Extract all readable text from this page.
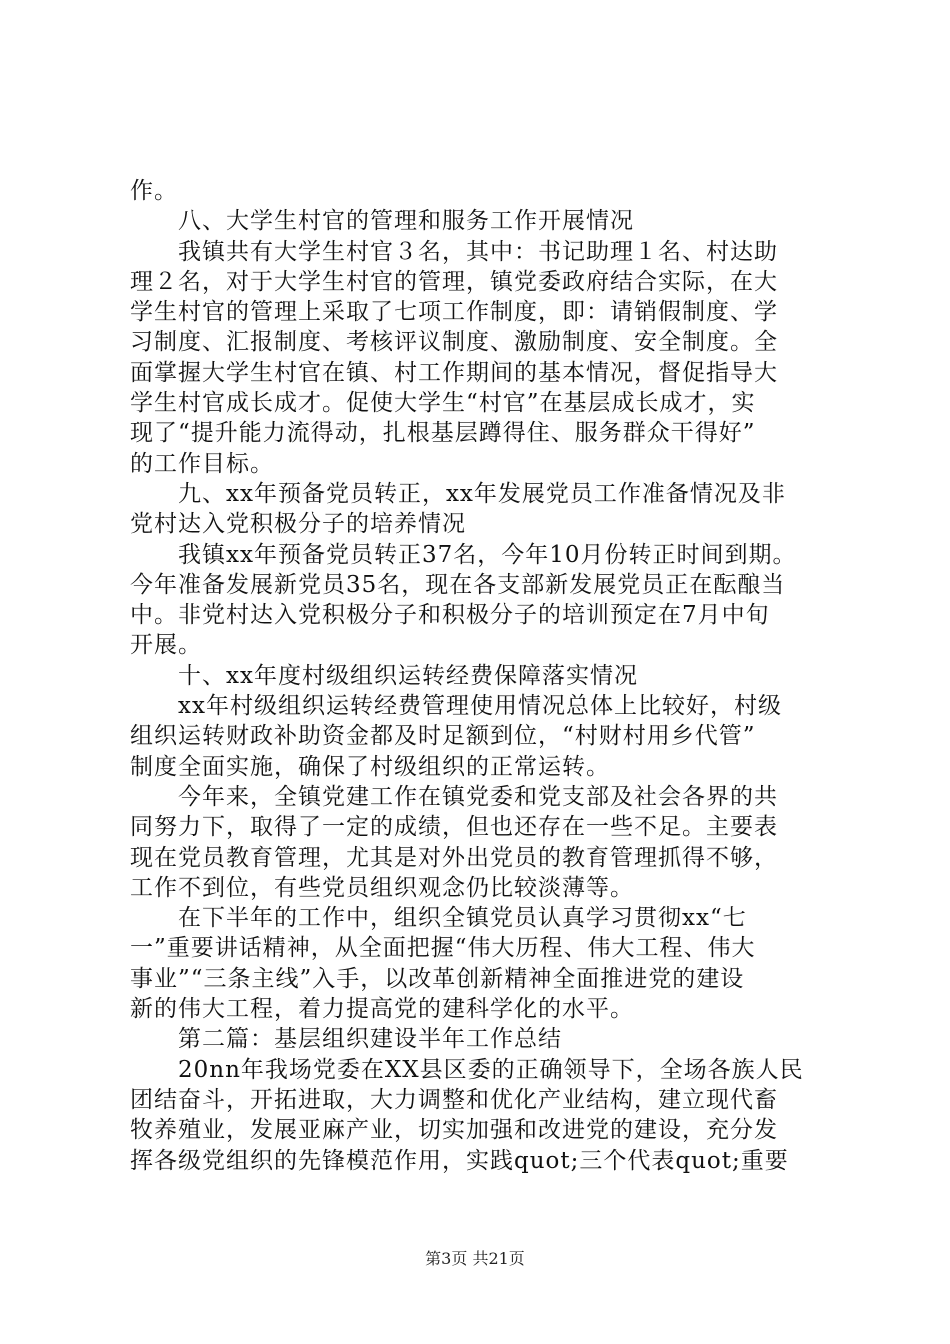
作。
　　八、大学生村官的管理和服务工作开展情况
　　我镇共有大学生村官３名，其中：书记助理１名、村达助
理２名，对于大学生村官的管理，镇党委政府结合实际，在大
学生村官的管理上采取了七项工作制度，即：请销假制度、学
习制度、汇报制度、考核评议制度、激励制度、安全制度。全
面掌握大学生村官在镇、村工作期间的基本情况，督促指导大
学生村官成长成才。促使大学生“村官”在基层成长成才，实
现了“提升能力流得动，扎根基层蹲得住、服务群众干得好”
的工作目标。
　　九、xx年预备党员转正，xx年发展党员工作准备情况及非
党村达入党积极分子的培养情况
　　我镇xx年预备党员转正37名，今年10月份转正时间到期。
今年准备发展新党员35名，现在各支部新发展党员正在酝酿当
中。非党村达入党积极分子和积极分子的培训预定在7月中旬
开展。
　　十、xx年度村级组织运转经费保障落实情况
　　xx年村级组织运转经费管理使用情况总体上比较好，村级
组织运转财政补助资金都及时足额到位，“村财村用乡代管”
制度全面实施，确保了村级组织的正常运转。
　　今年来，全镇党建工作在镇党委和党支部及社会各界的共
同努力下，取得了一定的成绩，但也还存在一些不足。主要表
现在党员教育管理，尤其是对外出党员的教育管理抓得不够，
工作不到位，有些党员组织观念仍比较淡薄等。
　　在下半年的工作中，组织全镇党员认真学习贯彻xx“七
一”重要讲话精神，从全面把握“伟大历程、伟大工程、伟大
事业”“三条主线”入手，以改革创新精神全面推进党的建设
新的伟大工程，着力提高党的建科学化的水平。
　　第二篇：基层组织建设半年工作总结
　　20nn年我场党委在XX县区委的正确领导下，全场各族人民
团结奋斗，开拓进取，大力调整和优化产业结构，建立现代畜
牧养殖业，发展亚麻产业，切实加强和改进党的建设，充分发
挥各级党组织的先锋模范作用，实践quot;三个代表quot;重要
第3页 共21页
